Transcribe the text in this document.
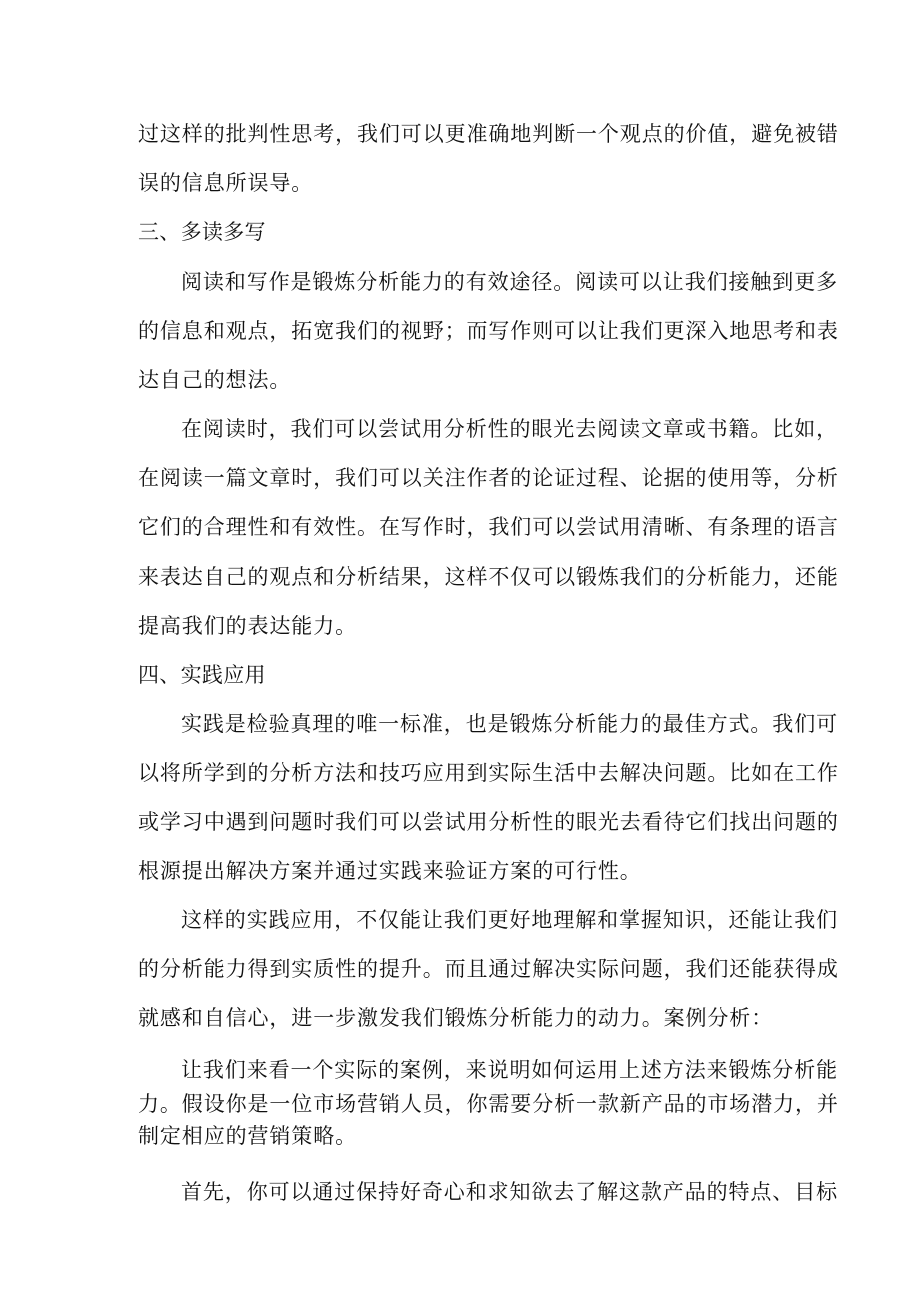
过这样的批判性思考，我们可以更准确地判断一个观点的价值，避免被错
误的信息所误导。
三、多读多写
阅读和写作是锻炼分析能力的有效途径。阅读可以让我们接触到更多
的信息和观点，拓宽我们的视野；而写作则可以让我们更深入地思考和表
达自己的想法。
在阅读时，我们可以尝试用分析性的眼光去阅读文章或书籍。比如，
在阅读一篇文章时，我们可以关注作者的论证过程、论据的使用等，分析
它们的合理性和有效性。在写作时，我们可以尝试用清晰、有条理的语言
来表达自己的观点和分析结果，这样不仅可以锻炼我们的分析能力，还能
提高我们的表达能力。
四、实践应用
实践是检验真理的唯一标准，也是锻炼分析能力的最佳方式。我们可
以将所学到的分析方法和技巧应用到实际生活中去解决问题。比如在工作
或学习中遇到问题时我们可以尝试用分析性的眼光去看待它们找出问题的
根源提出解决方案并通过实践来验证方案的可行性。
这样的实践应用，不仅能让我们更好地理解和掌握知识，还能让我们
的分析能力得到实质性的提升。而且通过解决实际问题，我们还能获得成
就感和自信心，进一步激发我们锻炼分析能力的动力。案例分析：
让我们来看一个实际的案例，来说明如何运用上述方法来锻炼分析能
力。假设你是一位市场营销人员，你需要分析一款新产品的市场潜力，并
制定相应的营销策略。
首先，你可以通过保持好奇心和求知欲去了解这款产品的特点、目标
